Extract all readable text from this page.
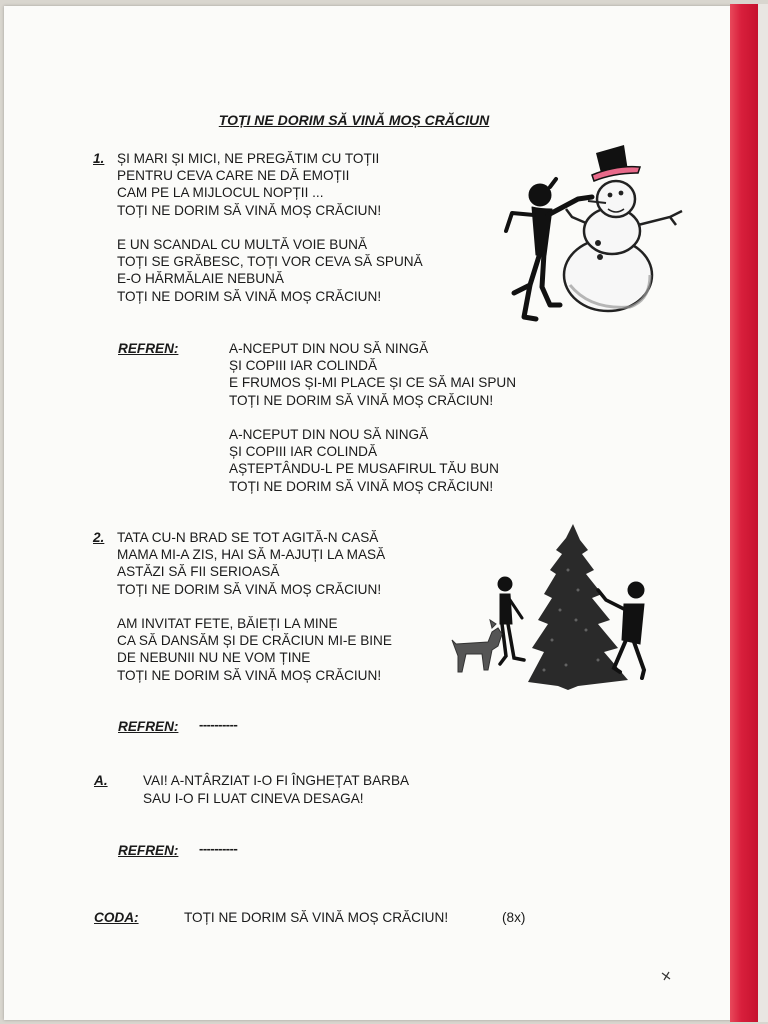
TOȚI NE DORIM SĂ VINĂ MOȘ CRĂCIUN
1. ȘI MARI ȘI MICI, NE PREGĂTIM CU TOȚII
PENTRU CEVA CARE NE DĂ EMOȚII
CAM PE LA MIJLOCUL NOPȚII ...
TOȚI NE DORIM SĂ VINĂ MOȘ CRĂCIUN!
E UN SCANDAL CU MULTĂ VOIE BUNĂ
TOȚI SE GRĂBESC, TOȚI VOR CEVA SĂ SPUNĂ
E-O HĂRMĂLAIE NEBUNĂ
TOȚI NE DORIM SĂ VINĂ MOȘ CRĂCIUN!
REFREN:	A-NCEPUT DIN NOU SĂ NINGĂ
ȘI COPIII IAR COLINDĂ
E FRUMOS ȘI-MI PLACE ȘI CE SĂ MAI SPUN
TOȚI NE DORIM SĂ VINĂ MOȘ CRĂCIUN!
A-NCEPUT DIN NOU SĂ NINGĂ
ȘI COPIII IAR COLINDĂ
AȘTEPTÂNDU-L PE MUSAFIRUL TĂU BUN
TOȚI NE DORIM SĂ VINĂ MOȘ CRĂCIUN!
2. TATA CU-N BRAD SE TOT AGITĂ-N CASĂ
MAMA MI-A ZIS, HAI SĂ M-AJUȚI LA MASĂ
ASTĂZI SĂ FII SERIOASĂ
TOȚI NE DORIM SĂ VINĂ MOȘ CRĂCIUN!
AM INVITAT FETE, BĂIEȚI LA MINE
CA SĂ DANSĂM ȘI DE CRĂCIUN MI-E BINE
DE NEBUNII NU NE VOM ȚINE
TOȚI NE DORIM SĂ VINĂ MOȘ CRĂCIUN!
REFREN: ----------
A.	VAI! A-NTÂRZIAT I-O FI ÎNGHEȚAT BARBA
SAU I-O FI LUAT CINEVA DESAGA!
REFREN: ----------
CODA:	TOȚI NE DORIM SĂ VINĂ MOȘ CRĂCIUN!	(8x)
